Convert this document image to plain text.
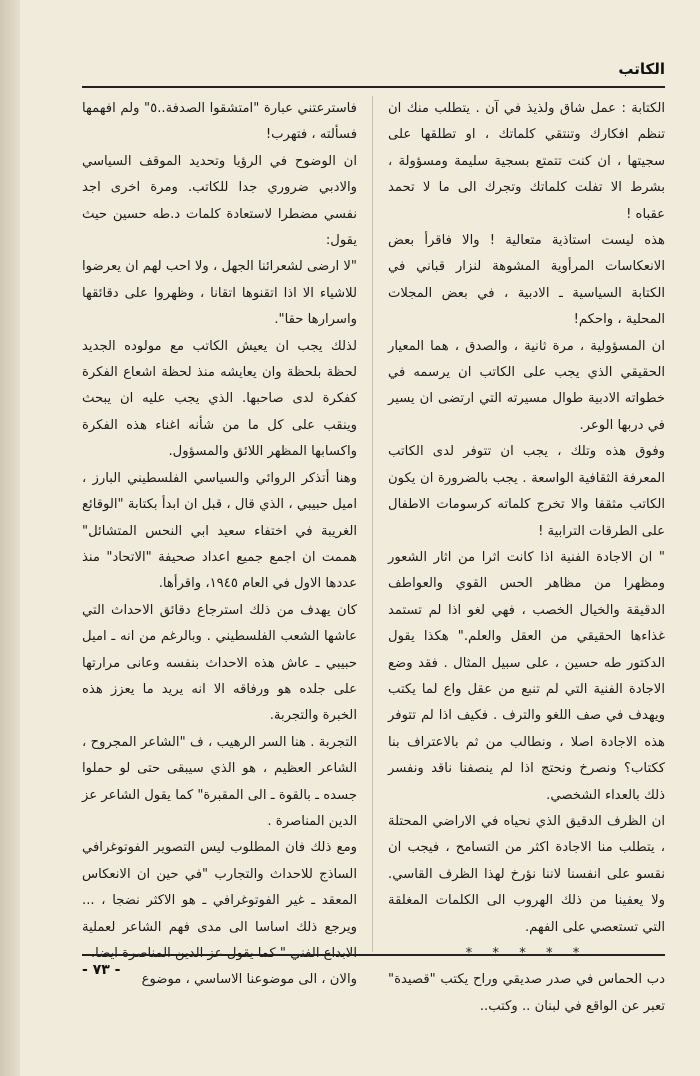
الكاتب

الكتابة : عمل شاق ولذيذ في آن . يتطلب منك ان تنظم افكارك وتنتقي كلماتك ، او تطلقها على سجيتها ، ان كنت تتمتع بسجية سليمة ومسؤولة ، بشرط الا تفلت كلماتك وتجرك الى ما لا تحمد عقباه !

هذه ليست استاذية متعالية ! والا فاقرأ بعض الانعكاسات المرأوية المشوهة لنزار قباني في الكتابة السياسية ـ الادبية ، في بعض المجلات المحلية ، واحكم!

ان المسؤولية ، مرة ثانية ، والصدق ، هما المعيار الحقيقي الذي يجب على الكاتب ان يرسمه في خطواته الادبية طوال مسيرته التي ارتضى ان يسير في دربها الوعر.

وفوق هذه وتلك ، يجب ان تتوفر لدى الكاتب المعرفة الثقافية الواسعة . يجب بالضرورة ان يكون الكاتب مثقفا والا تخرج كلماته كرسومات الاطفال على الطرقات الترابية !

" ان الاجادة الفنية اذا كانت اثرا من اثار الشعور ومظهرا من مظاهر الحس القوي والعواطف الدقيقة والخيال الخصب ، فهي لغو اذا لم تستمد غذاءها الحقيقي من العقل والعلم." هكذا يقول الدكتور طه حسين ، على سبيل المثال . فقد وضع الاجادة الفنية التي لم تنبع من عقل واع لما يكتب ويهدف في صف اللغو والترف . فكيف اذا لم تتوفر هذه الاجادة اصلا ، ونطالب من ثم بالاعتراف بنا ككتاب؟ ونصرخ ونحتج اذا لم ينصفنا ناقد ونفسر ذلك بالعداء الشخصي.

ان الظرف الدقيق الذي نحياه في الاراضي المحتلة ، يتطلب منا الاجادة اكثر من التسامح ، فيجب ان نقسو على انفسنا لاننا نؤرخ لهذا الظرف القاسي. ولا يعفينا من ذلك الهروب الى الكلمات المغلقة التي تستعصي على الفهم.

* * * * *

دب الحماس في صدر صديقي وراح يكتب "قصيدة" تعبر عن الواقع في لبنان .. وكتب..

فاسترعتني عبارة "امتشقوا الصدفة..٥" ولم افهمها فسألته ، فتهرب!

ان الوضوح في الرؤيا وتحديد الموقف السياسي والادبي ضروري جدا للكاتب. ومرة اخرى اجد نفسي مضطرا لاستعادة كلمات د.طه حسين حيث يقول:

"لا ارضى لشعرائنا الجهل ، ولا احب لهم ان يعرضوا للاشياء الا اذا اتقنوها اتقانا ، وظهروا على دقائقها واسرارها حقا".

لذلك يجب ان يعيش الكاتب مع مولوده الجديد لحظة بلحظة وان يعايشه منذ لحظة اشعاع الفكرة كفكرة لدى صاحبها. الذي يجب عليه ان يبحث وينقب على كل ما من شأنه اغناء هذه الفكرة واكسابها المظهر اللائق والمسؤول.

وهنا أتذكر الروائي والسياسي الفلسطيني البارز ، اميل حبيبي ، الذي قال ، قبل ان ابدأ بكتابة "الوقائع الغريبة في اختفاء سعيد ابي النحس المتشائل" هممت ان اجمع جميع اعداد صحيفة "الاتحاد" منذ عددها الاول في العام ١٩٤٥، واقرأها.

كان يهدف من ذلك استرجاع دقائق الاحداث التي عاشها الشعب الفلسطيني . وبالرغم من انه ـ اميل حبيبي ـ عاش هذه الاحداث بنفسه وعانى مرارتها على جلده هو ورفاقه الا انه يريد ما يعزز هذه الخبرة والتجربة.

التجربة . هنا السر الرهيب ، ف "الشاعر المجروح ، الشاعر العظيم ، هو الذي سيبقى حتى لو حملوا جسده ـ بالقوة ـ الى المقبرة" كما يقول الشاعر عز الدين المناصرة .

ومع ذلك فان المطلوب ليس التصوير الفوتوغرافي الساذج للاحداث والتجارب "في حين ان الانعكاس المعقد ـ غير الفوتوغرافي ـ هو الاكثر نضجا ، ... ويرجع ذلك اساسا الى مدى فهم الشاعر لعملية الابداع الفني " كما يقول عز الدين المناصرة ايضا.

والان ، الى موضوعنا الاساسي ، موضوع

- ٧٣ -
